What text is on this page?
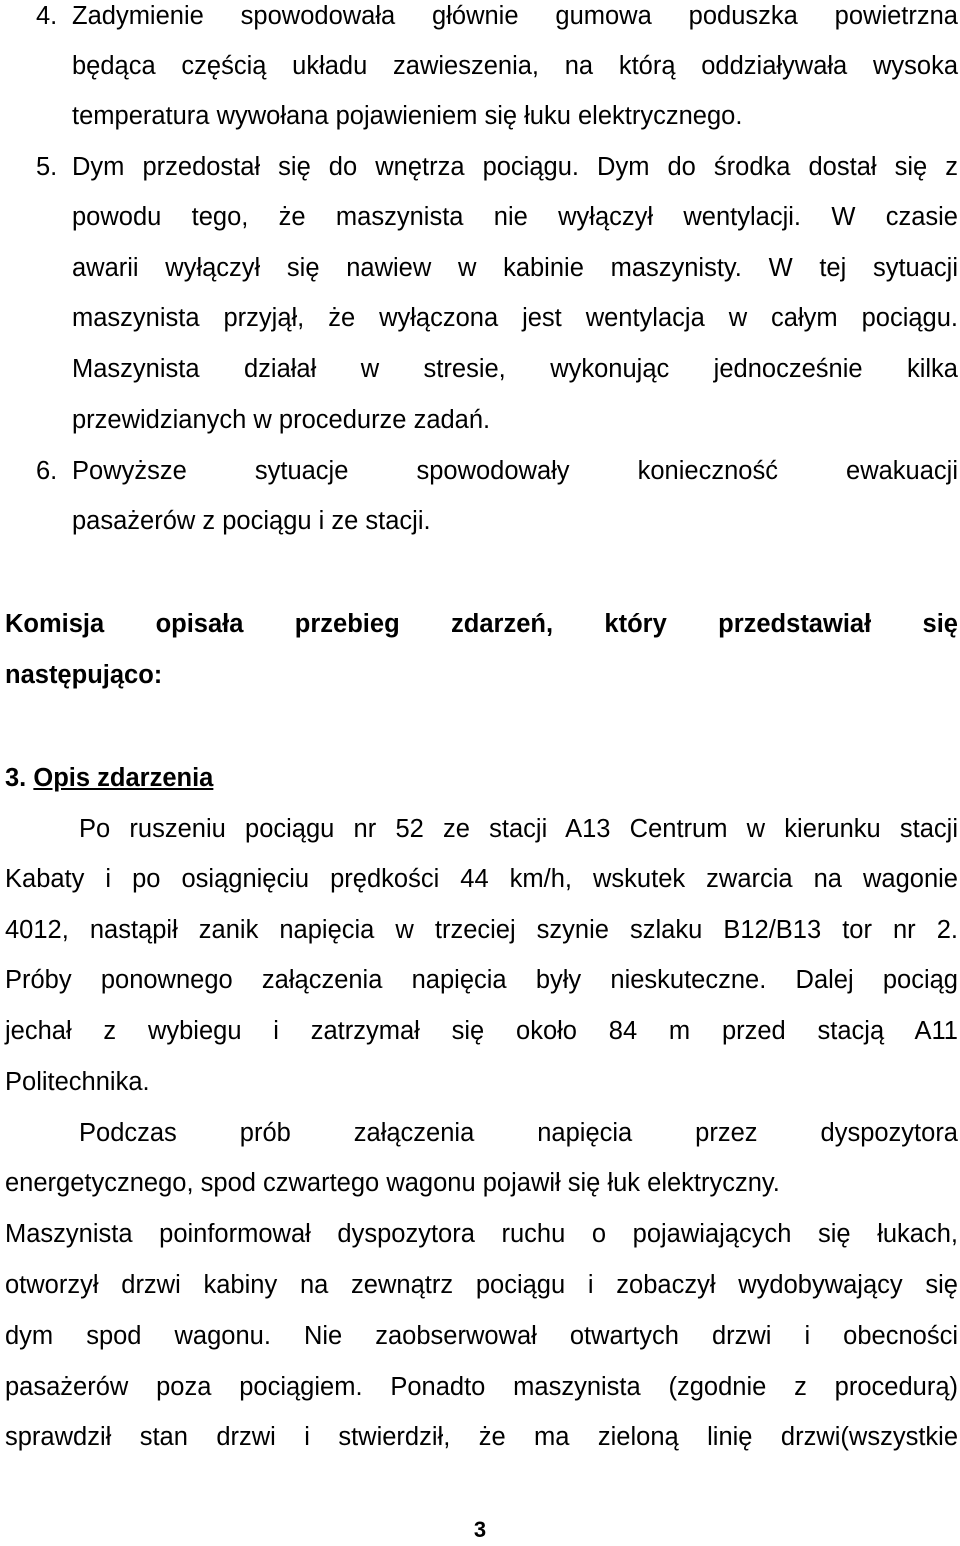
4. Zadymienie spowodowała głównie gumowa poduszka powietrzna
będąca częścią układu zawieszenia, na którą oddziaływała wysoka
temperatura wywołana pojawieniem się łuku elektrycznego.
5. Dym przedostał się do wnętrza pociągu. Dym do środka dostał się z
powodu tego, że maszynista nie wyłączył wentylacji. W czasie
awarii wyłączył się nawiew w kabinie maszynisty. W tej sytuacji
maszynista przyjął, że wyłączona jest wentylacja w całym pociągu.
Maszynista działał w stresie, wykonując jednocześnie kilka
przewidzianych w procedurze zadań.
6. Powyższe sytuacje spowodowały konieczność ewakuacji
pasażerów z pociągu i ze stacji.
Komisja opisała przebieg zdarzeń, który przedstawiał się
następująco:
3. Opis zdarzenia
Po ruszeniu pociągu nr 52 ze stacji A13 Centrum w kierunku stacji
Kabaty i po osiągnięciu prędkości 44 km/h, wskutek zwarcia na wagonie
4012, nastąpił zanik napięcia w trzeciej szynie szlaku B12/B13 tor nr 2.
Próby ponownego załączenia napięcia były nieskuteczne. Dalej pociąg
jechał z wybiegu i zatrzymał się około 84 m przed stacją A11
Politechnika.
Podczas prób załączenia napięcia przez dyspozytora
energetycznego, spod czwartego wagonu pojawił się łuk elektryczny.
Maszynista poinformował dyspozytora ruchu o pojawiających się łukach,
otworzył drzwi kabiny na zewnątrz pociągu i zobaczył wydobywający się
dym spod wagonu. Nie zaobserwował otwartych drzwi i obecności
pasażerów poza pociągiem. Ponadto maszynista (zgodnie z procedurą)
sprawdził stan drzwi i stwierdził, że ma zieloną linię drzwi(wszystkie
3
